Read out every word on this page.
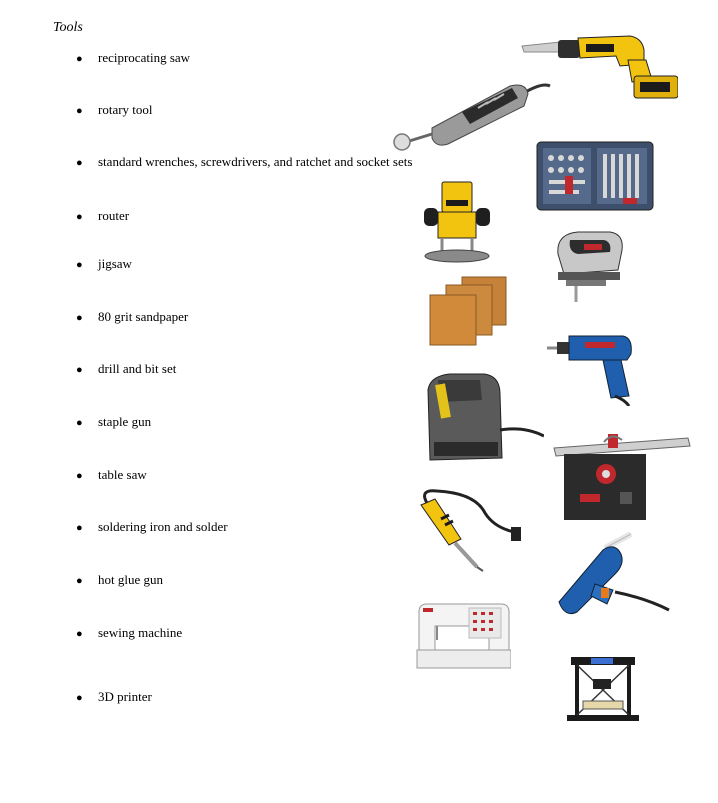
Tools
● reciprocating saw
● rotary tool
● standard wrenches, screwdrivers, and ratchet and socket sets
● router
● jigsaw
● 80 grit sandpaper
● drill and bit set
● staple gun
● table saw
● soldering iron and solder
● hot glue gun
● sewing machine
● 3D printer
